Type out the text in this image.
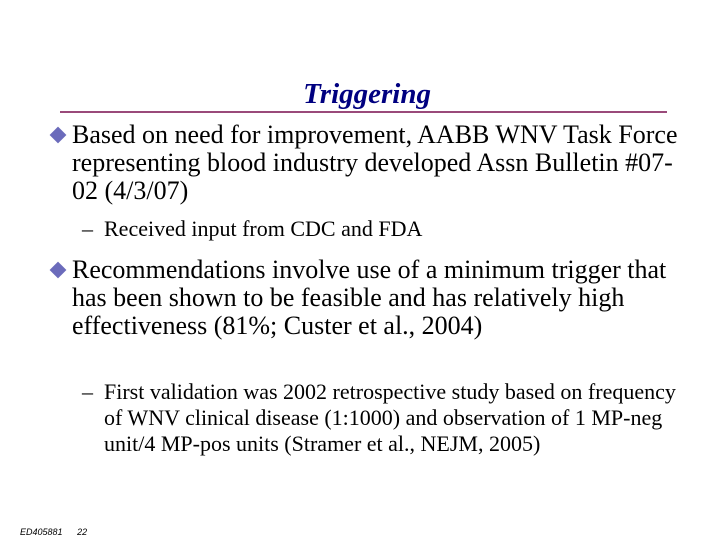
Triggering

Based on need for improvement, AABB WNV Task Force representing blood industry developed Assn Bulletin #07-02 (4/3/07)

– Received input from CDC and FDA

Recommendations involve use of a minimum trigger that has been shown to be feasible and has relatively high effectiveness (81%; Custer et al., 2004)

– First validation was 2002 retrospective study based on frequency of WNV clinical disease (1:1000) and observation of 1 MP-neg unit/4 MP-pos units (Stramer et al., NEJM, 2005)

ED405881 22
